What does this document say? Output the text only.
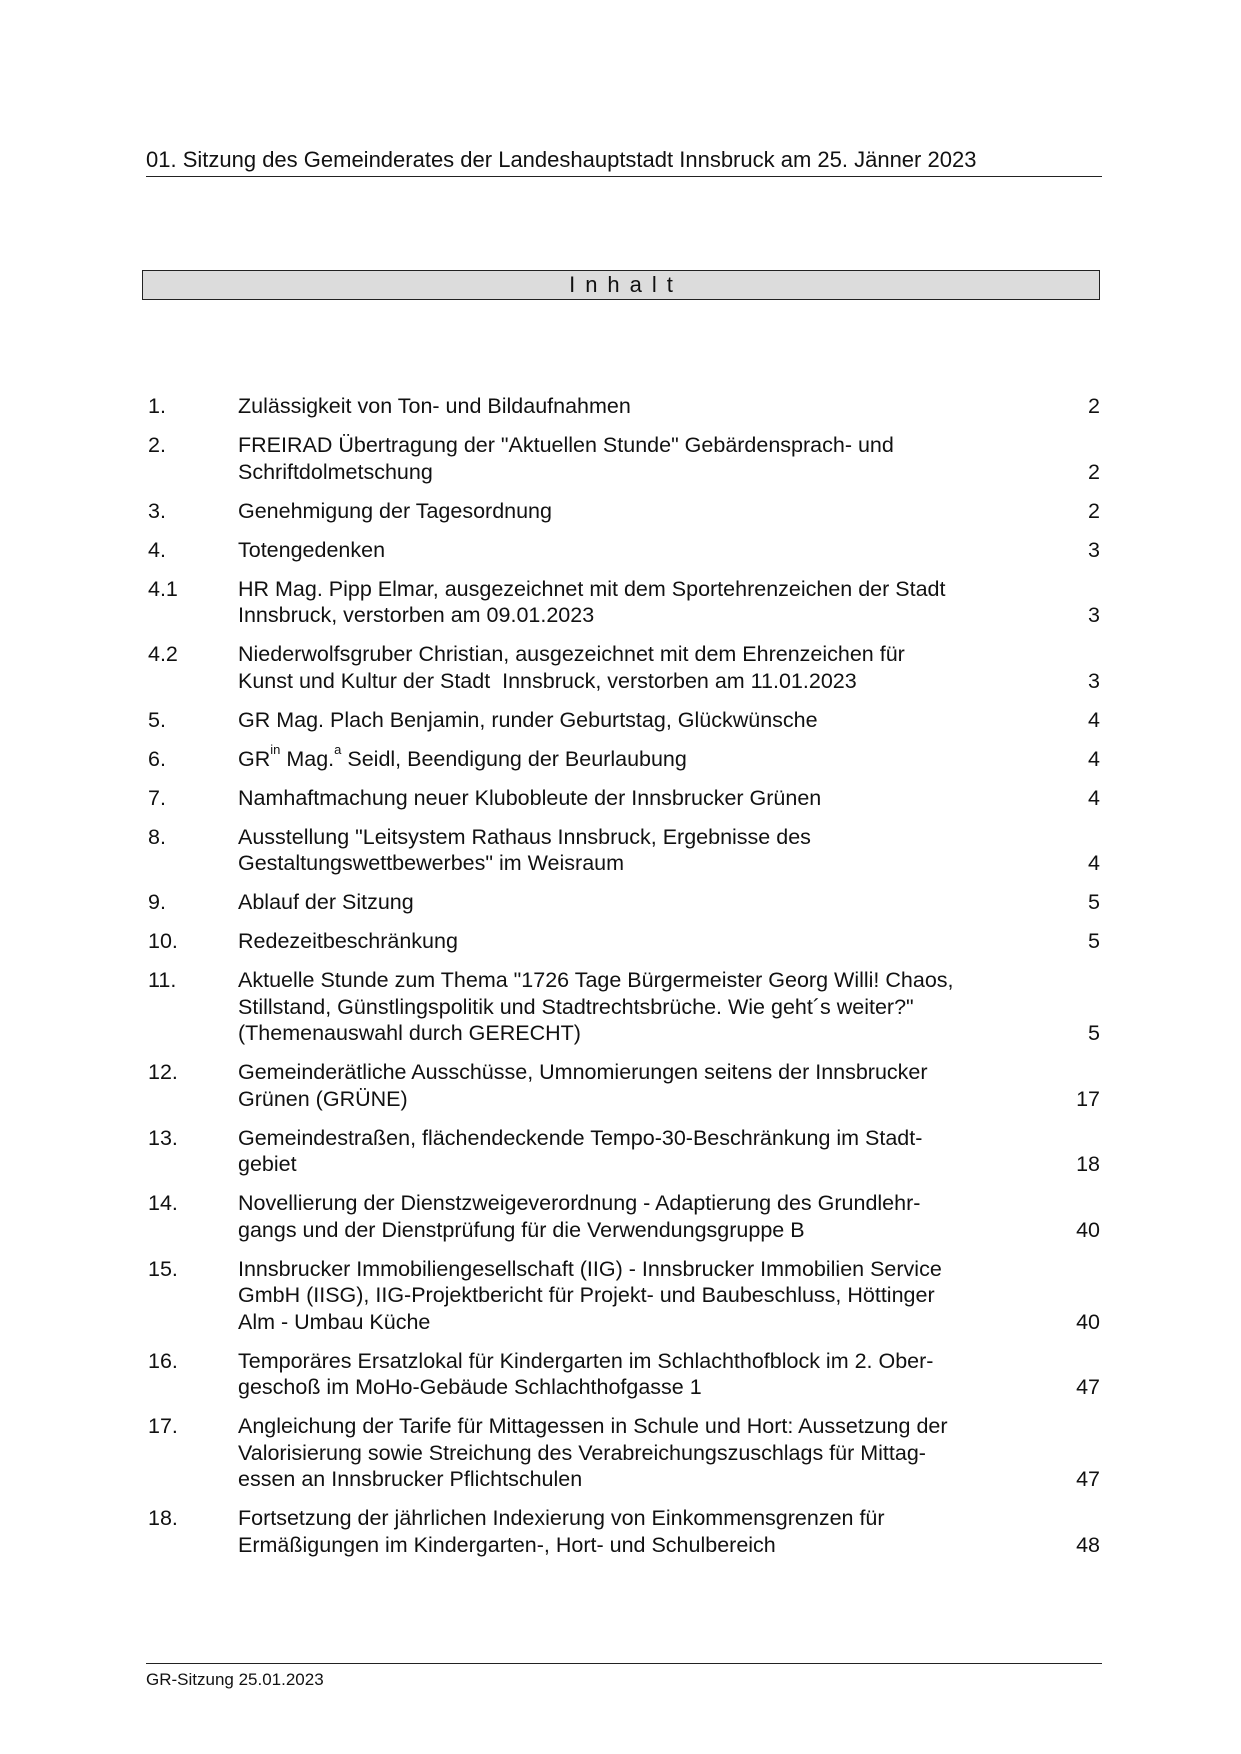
01. Sitzung des Gemeinderates der Landeshauptstadt Innsbruck am 25. Jänner 2023
Inhalt
1.	Zulässigkeit von Ton- und Bildaufnahmen	2
2.	FREIRAD Übertragung der "Aktuellen Stunde" Gebärdensprach- und
Schriftdolmetschung	2
3.	Genehmigung der Tagesordnung	2
4.	Totengedenken	3
4.1	HR Mag. Pipp Elmar, ausgezeichnet mit dem Sportehrenzeichen der Stadt
Innsbruck, verstorben am 09.01.2023	3
4.2	Niederwolfsgruber Christian, ausgezeichnet mit dem Ehrenzeichen für
Kunst und Kultur der Stadt  Innsbruck, verstorben am 11.01.2023	3
5.	GR Mag. Plach Benjamin, runder Geburtstag, Glückwünsche	4
6.	$GR^{in}$ Mag.$^a$ Seidl, Beendigung der Beurlaubung	4
7.	Namhaftmachung neuer Klubobleute der Innsbrucker Grünen	4
8.	Ausstellung "Leitsystem Rathaus Innsbruck, Ergebnisse des
Gestaltungswettbewerbes" im Weisraum	4
9.	Ablauf der Sitzung	5
10.	Redezeitbeschränkung	5
11.	Aktuelle Stunde zum Thema "1726 Tage Bürgermeister Georg Willi! Chaos,
Stillstand, Günstlingspolitik und Stadtrechtsbrüche. Wie geht´s weiter?"
(Themenauswahl durch GERECHT)	5
12.	Gemeinderätliche Ausschüsse, Umnomierungen seitens der Innsbrucker
Grünen (GRÜNE)	17
13.	Gemeindestraßen, flächendeckende Tempo-30-Beschränkung im Stadt-
gebiet	18
14.	Novellierung der Dienstzweigeverordnung - Adaptierung des Grundlehr-
gangs und der Dienstprüfung für die Verwendungsgruppe B	40
15.	Innsbrucker Immobiliengesellschaft (IIG) - Innsbrucker Immobilien Service
GmbH (IISG), IIG-Projektbericht für Projekt- und Baubeschluss, Höttinger
Alm - Umbau Küche	40
16.	Temporäres Ersatzlokal für Kindergarten im Schlachthofblock im 2. Ober-
geschoß im MoHo-Gebäude Schlachthofgasse 1	47
17.	Angleichung der Tarife für Mittagessen in Schule und Hort: Aussetzung der
Valorisierung sowie Streichung des Verabreichungszuschlags für Mittag-
essen an Innsbrucker Pflichtschulen	47
18.	Fortsetzung der jährlichen Indexierung von Einkommensgrenzen für
Ermäßigungen im Kindergarten-, Hort- und Schulbereich	48
GR-Sitzung 25.01.2023
